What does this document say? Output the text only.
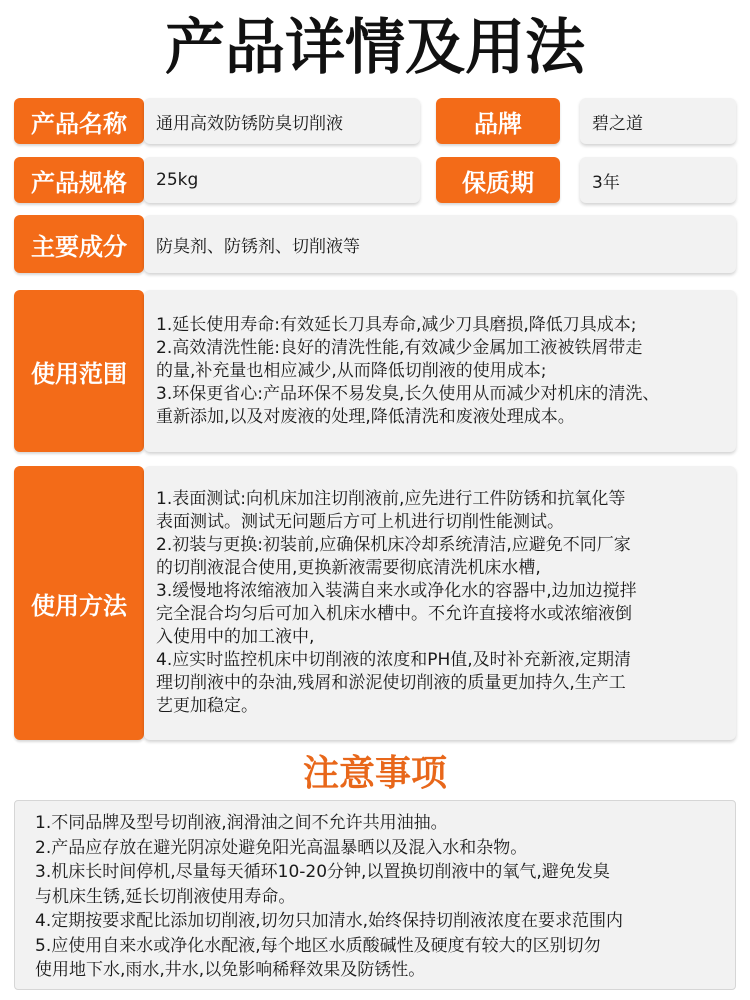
产品详情及用法
产品名称	通用高效防锈防臭切削液	品牌	碧之道
产品规格	25kg	保质期	3年
主要成分	防臭剂、防锈剂、切削液等
使用范围
1.延长使用寿命:有效延长刀具寿命,减少刀具磨损,降低刀具成本;
2.高效清洗性能:良好的清洗性能,有效减少金属加工液被铁屑带走
的量,补充量也相应减少,从而降低切削液的使用成本;
3.环保更省心:产品环保不易发臭,长久使用从而减少对机床的清洗、
重新添加,以及对废液的处理,降低清洗和废液处理成本。
使用方法
1.表面测试:向机床加注切削液前,应先进行工件防锈和抗氧化等
表面测试。测试无问题后方可上机进行切削性能测试。
2.初装与更换:初装前,应确保机床冷却系统清洁,应避免不同厂家
的切削液混合使用,更换新液需要彻底清洗机床水槽,
3.缓慢地将浓缩液加入装满自来水或净化水的容器中,边加边搅拌
完全混合均匀后可加入机床水槽中。不允许直接将水或浓缩液倒
入使用中的加工液中,
4.应实时监控机床中切削液的浓度和PH值,及时补充新液,定期清
理切削液中的杂油,残屑和淤泥使切削液的质量更加持久,生产工
艺更加稳定。
注意事项
1.不同品牌及型号切削液,润滑油之间不允许共用油抽。
2.产品应存放在避光阴凉处避免阳光高温暴晒以及混入水和杂物。
3.机床长时间停机,尽量每天循环10-20分钟,以置换切削液中的氧气,避免发臭
与机床生锈,延长切削液使用寿命。
4.定期按要求配比添加切削液,切勿只加清水,始终保持切削液浓度在要求范围内
5.应使用自来水或净化水配液,每个地区水质酸碱性及硬度有较大的区别切勿
使用地下水,雨水,井水,以免影响稀释效果及防锈性。
